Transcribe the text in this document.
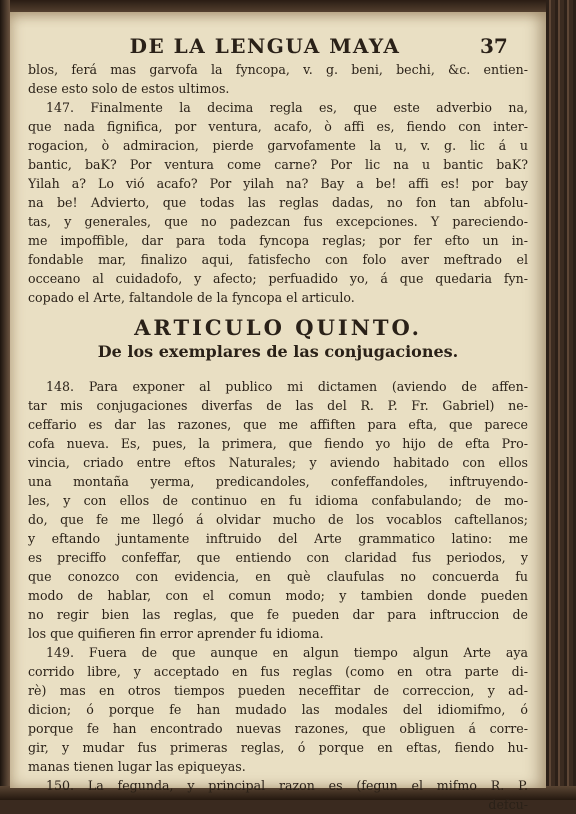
DE LA LENGUA MAYA	37
blos, ferá mas garvofa la fyncopa, v. g. beni, bechi, &c. entien-
dese esto solo de estos ultimos.
147. Finalmente la decima regla es, que este adverbio na,
que nada fignifica, por ventura, acafo, ò affi es, fiendo con inter-
rogacion, ò admiracion, pierde garvofamente la u, v. g. lic á u
bantic, baK? Por ventura come carne? Por lic na u bantic baK?
Yilah a? Lo vió acafo? Por yilah na? Bay a be! affi es! por bay
na be! Advierto, que todas las reglas dadas, no fon tan abfolu-
tas, y generales, que no padezcan fus excepciones. Y pareciendo-
me impoffible, dar para toda fyncopa reglas; por fer efto un in-
fondable mar, finalizo aqui, fatisfecho con folo aver meftrado el
occeano al cuidadofo, y afecto; perfuadido yo, á que quedaria fyn-
copado el Arte, faltandole de la fyncopa el articulo.
ARTICULO QUINTO.
De los exemplares de las conjugaciones.
148. Para exponer al publico mi dictamen (aviendo de affen-
tar mis conjugaciones diverfas de las del R. P. Fr. Gabriel) ne-
ceffario es dar las razones, que me affiften para efta, que parece
cofa nueva. Es, pues, la primera, que fiendo yo hijo de efta Pro-
vincia, criado entre eftos Naturales; y aviendo habitado con ellos
una montaña yerma, predicandoles, confeffandoles, inftruyendo-
les, y con ellos de continuo en fu idioma confabulando; de mo-
do, que fe me llegó á olvidar mucho de los vocablos caftellanos;
y eftando juntamente inftruido del Arte grammatico latino: me
es preciffo confeffar, que entiendo con claridad fus periodos, y
que conozco con evidencia, en què claufulas no concuerda fu
modo de hablar, con el comun modo; y tambien donde pueden
no regir bien las reglas, que fe pueden dar para inftruccion de
los que quifieren fin error aprender fu idioma.
149. Fuera de que aunque en algun tiempo algun Arte aya
corrido libre, y acceptado en fus reglas (como en otra parte di-
rè) mas en otros tiempos pueden neceffitar de correccion, y ad-
dicion; ó porque fe han mudado las modales del idiomifmo, ó
porque fe han encontrado nuevas razones, que obliguen á corre-
gir, y mudar fus primeras reglas, ó porque en eftas, fiendo hu-
manas tienen lugar las epiqueyas.
150. La fegunda, y principal razon es (fegun el mifmo R. P.
defcu-
